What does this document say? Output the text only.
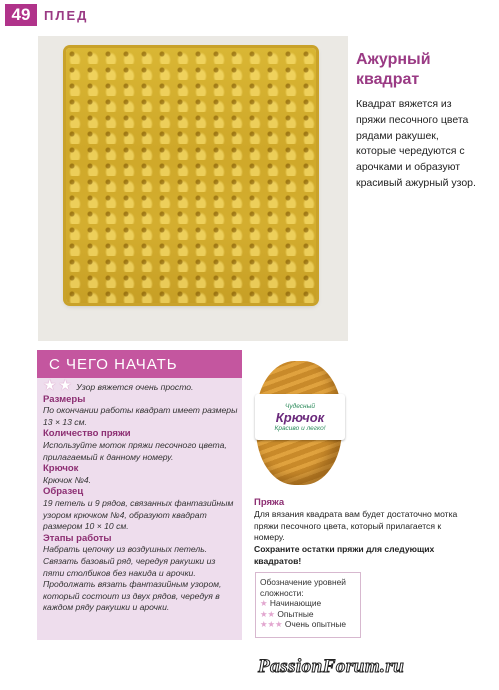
49	ПЛЕД
Ажурный квадрат
Квадрат вяжется из пряжи песочного цвета рядами ракушек, которые чередуются с арочками и образуют красивый ажурный узор.
С ЧЕГО НАЧАТЬ

★★ Узор вяжется очень просто.

Размеры

По окончании работы квадрат имеет размеры 13 × 13 см.

Количество пряжи

Используйте моток пряжи песочного цвета, прилагаемый к данному номеру.

Крючок

Крючок №4.

Образец

19 петель и 9 рядов, связанных фантазийным узором крючком №4, образуют квадрат размером 10 × 10 см.

Этапы работы

Набрать цепочку из воздушных петель. Связать базовый ряд, чередуя ракушки из пяти столбиков без накида и арочки.

Продолжать вязать фантазийным узором, который состоит из двух рядов, чередуя в каждом ряду ракушки и арочки.

Чудесный
Крючок
Красиво и легко!
Пряжа
Для вязания квадрата вам будет достаточно мотка пряжи песочного цвета, который прилагается к номеру.
Сохраните остатки пряжи для следующих квадратов!
Обозначение уровней сложности:
★ Начинающие
★★ Опытные
★★★ Очень опытные
PassionForum.ru
